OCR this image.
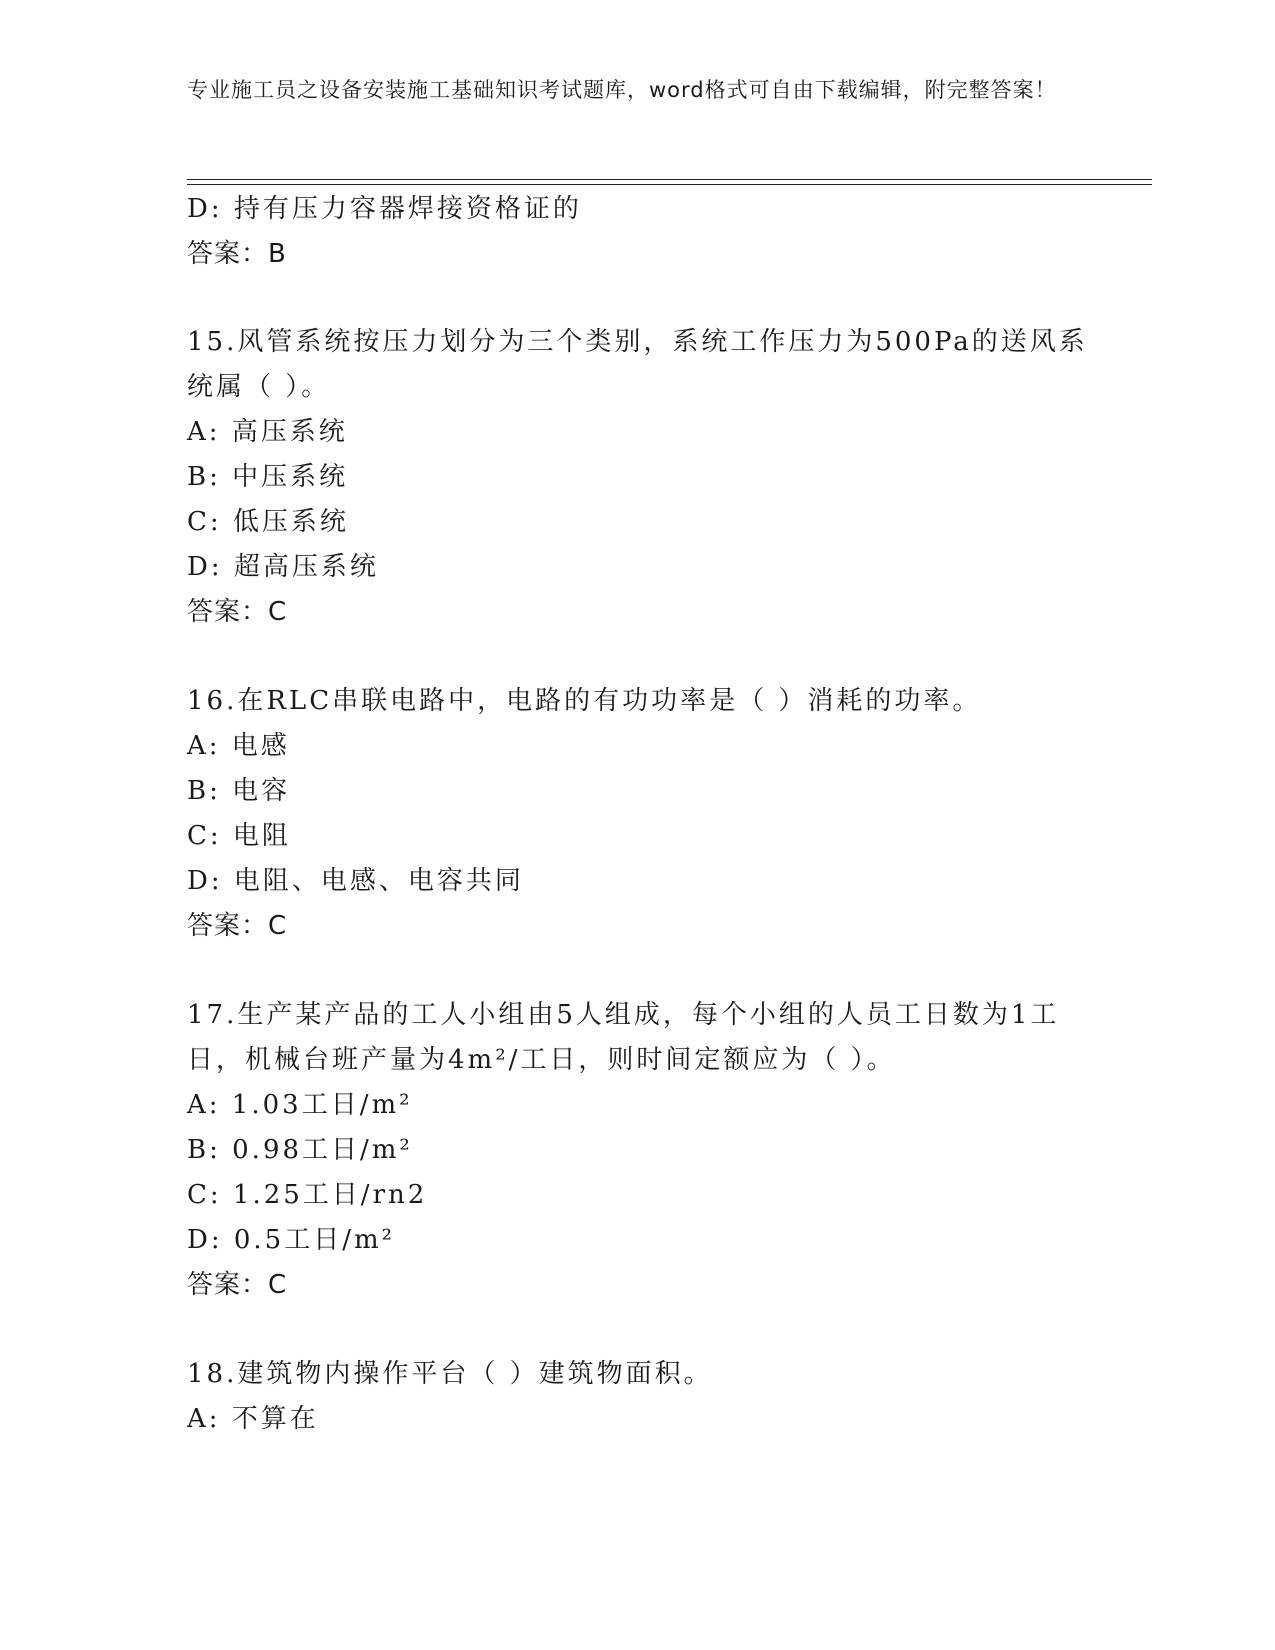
专业施工员之设备安装施工基础知识考试题库，word格式可自由下载编辑，附完整答案！
D: 持有压力容器焊接资格证的
答案：B
15.风管系统按压力划分为三个类别，系统工作压力为500Pa的送风系
统属（ ）。
A: 高压系统
B: 中压系统
C: 低压系统
D: 超高压系统
答案：C
16.在RLC串联电路中，电路的有功功率是（ ）消耗的功率。
A: 电感
B: 电容
C: 电阻
D: 电阻、电感、电容共同
答案：C
17.生产某产品的工人小组由5人组成，每个小组的人员工日数为1工
日，机械台班产量为4m²/工日，则时间定额应为（ ）。
A: 1.03工日/m²
B: 0.98工日/m²
C: 1.25工日/rn2
D: 0.5工日/m²
答案：C
18.建筑物内操作平台（ ）建筑物面积。
A: 不算在
